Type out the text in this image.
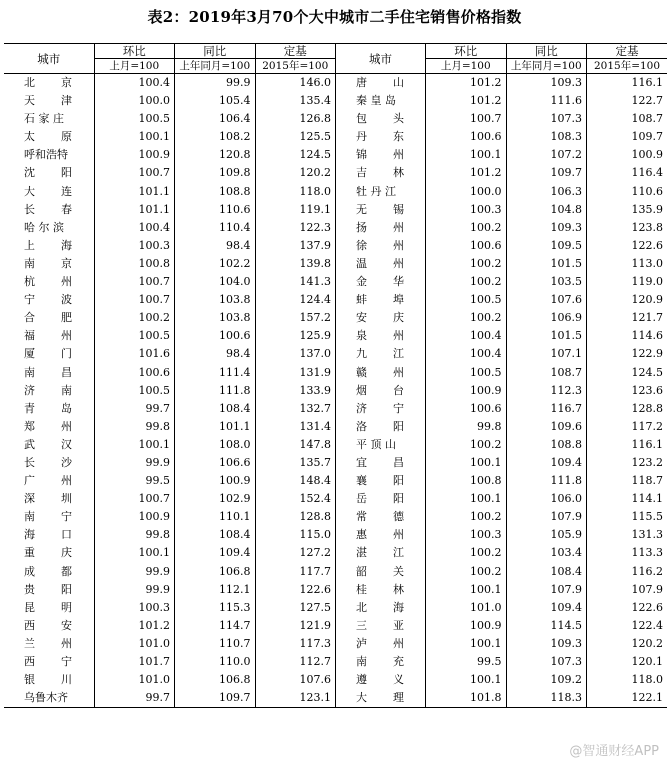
表2：2019年3月70个大中城市二手住宅销售价格指数
城市	环比	同比	定基	城市	环比	同比	定基
	上月=100	上年同月=100	2015年=100		上月=100	上年同月=100	2015年=100
北京	100.4	99.9	146.0	唐山	101.2	109.3	116.1
天津	100.0	105.4	135.4	秦皇岛	101.2	111.6	122.7
石家庄	100.5	106.4	126.8	包头	100.7	107.3	108.7
太原	100.1	108.2	125.5	丹东	100.6	108.3	109.7
呼和浩特	100.9	120.8	124.5	锦州	100.1	107.2	100.9
沈阳	100.7	109.8	120.2	吉林	101.2	109.7	116.4
大连	101.1	108.8	118.0	牡丹江	100.0	106.3	110.6
长春	101.1	110.6	119.1	无锡	100.3	104.8	135.9
哈尔滨	100.4	110.4	122.3	扬州	100.2	109.3	123.8
上海	100.3	98.4	137.9	徐州	100.6	109.5	122.6
南京	100.8	102.2	139.8	温州	100.2	101.5	113.0
杭州	100.7	104.0	141.3	金华	100.2	103.5	119.0
宁波	100.7	103.8	124.4	蚌埠	100.5	107.6	120.9
合肥	100.2	103.8	157.2	安庆	100.2	106.9	121.7
福州	100.5	100.6	125.9	泉州	100.4	101.5	114.6
厦门	101.6	98.4	137.0	九江	100.4	107.1	122.9
南昌	100.6	111.4	131.9	赣州	100.5	108.7	124.5
济南	100.5	111.8	133.9	烟台	100.9	112.3	123.6
青岛	99.7	108.4	132.7	济宁	100.6	116.7	128.8
郑州	99.8	101.1	131.4	洛阳	99.8	109.6	117.2
武汉	100.1	108.0	147.8	平顶山	100.2	108.8	116.1
长沙	99.9	106.6	135.7	宜昌	100.1	109.4	123.2
广州	99.5	100.9	148.4	襄阳	100.8	111.8	118.7
深圳	100.7	102.9	152.4	岳阳	100.1	106.0	114.1
南宁	100.9	110.1	128.8	常德	100.2	107.9	115.5
海口	99.8	108.4	115.0	惠州	100.3	105.9	131.3
重庆	100.1	109.4	127.2	湛江	100.2	103.4	113.3
成都	99.9	106.8	117.7	韶关	100.2	108.4	116.2
贵阳	99.9	112.1	122.6	桂林	100.1	107.9	107.9
昆明	100.3	115.3	127.5	北海	101.0	109.4	122.6
西安	101.2	114.7	121.9	三亚	100.9	114.5	122.4
兰州	101.0	110.7	117.3	泸州	100.1	109.3	120.2
西宁	101.7	110.0	112.7	南充	99.5	107.3	120.1
银川	101.0	106.8	107.6	遵义	100.1	109.2	118.0
乌鲁木齐	99.7	109.7	123.1	大理	101.8	118.3	122.1
@智通财经APP
